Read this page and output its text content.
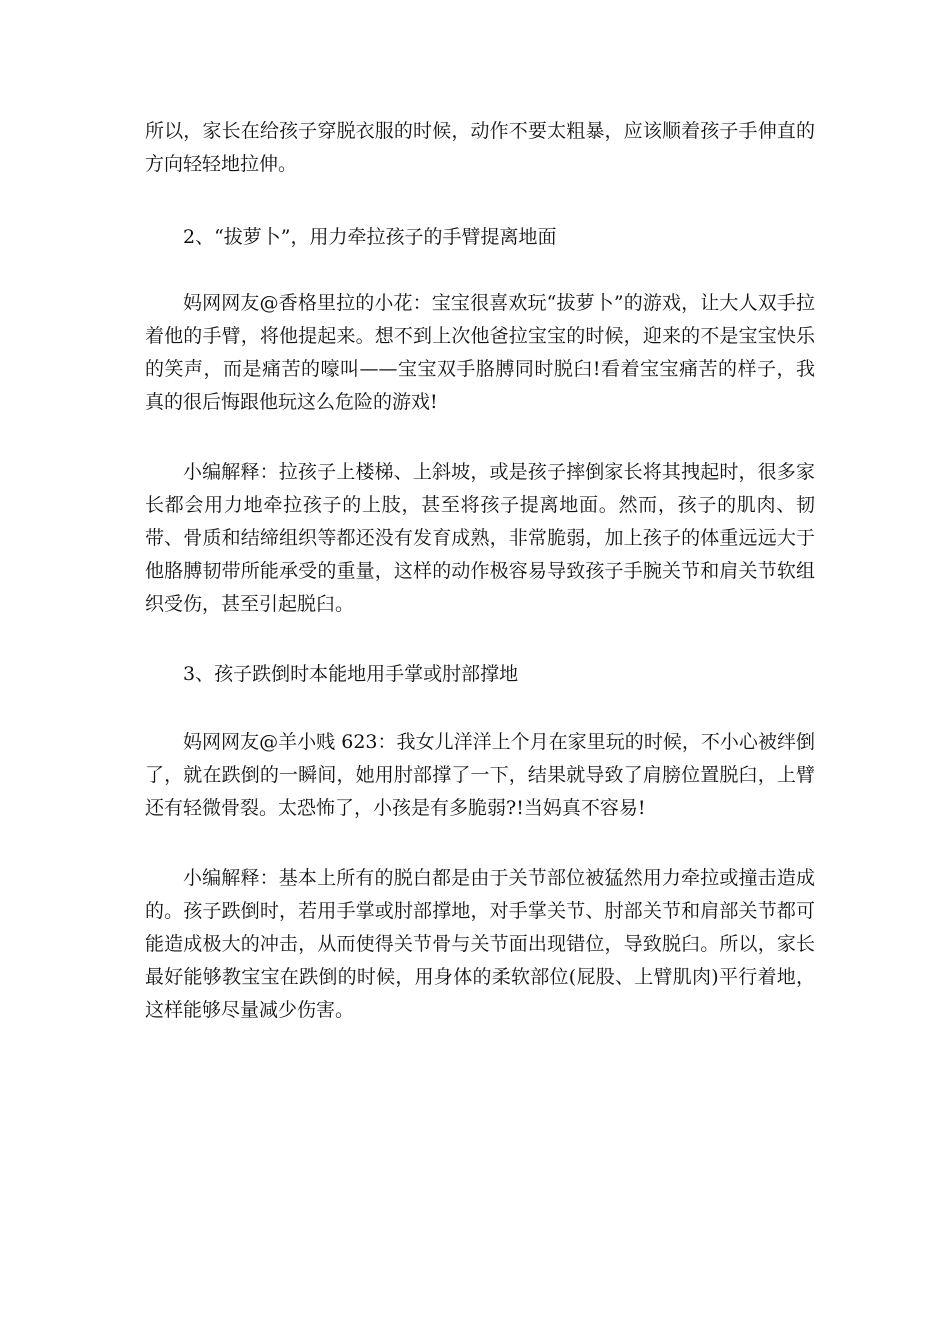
所以，家长在给孩子穿脱衣服的时候，动作不要太粗暴，应该顺着孩子手伸直的方向轻轻地拉伸。

2、“拔萝卜”，用力牵拉孩子的手臂提离地面

妈网网友@香格里拉的小花：宝宝很喜欢玩“拔萝卜”的游戏，让大人双手拉着他的手臂，将他提起来。想不到上次他爸拉宝宝的时候，迎来的不是宝宝快乐的笑声，而是痛苦的嚎叫——宝宝双手胳膊同时脱臼!看着宝宝痛苦的样子，我真的很后悔跟他玩这么危险的游戏!

小编解释：拉孩子上楼梯、上斜坡，或是孩子摔倒家长将其拽起时，很多家长都会用力地牵拉孩子的上肢，甚至将孩子提离地面。然而，孩子的肌肉、韧带、骨质和结缔组织等都还没有发育成熟，非常脆弱，加上孩子的体重远远大于他胳膊韧带所能承受的重量，这样的动作极容易导致孩子手腕关节和肩关节软组织受伤，甚至引起脱臼。

3、孩子跌倒时本能地用手掌或肘部撑地

妈网网友@羊小贱 623：我女儿洋洋上个月在家里玩的时候，不小心被绊倒了，就在跌倒的一瞬间，她用肘部撑了一下，结果就导致了肩膀位置脱臼，上臂还有轻微骨裂。太恐怖了，小孩是有多脆弱?!当妈真不容易!

小编解释：基本上所有的脱白都是由于关节部位被猛然用力牵拉或撞击造成的。孩子跌倒时，若用手掌或肘部撑地，对手掌关节、肘部关节和肩部关节都可能造成极大的冲击，从而使得关节骨与关节面出现错位，导致脱臼。所以，家长最好能够教宝宝在跌倒的时候，用身体的柔软部位(屁股、上臂肌肉)平行着地，这样能够尽量减少伤害。
